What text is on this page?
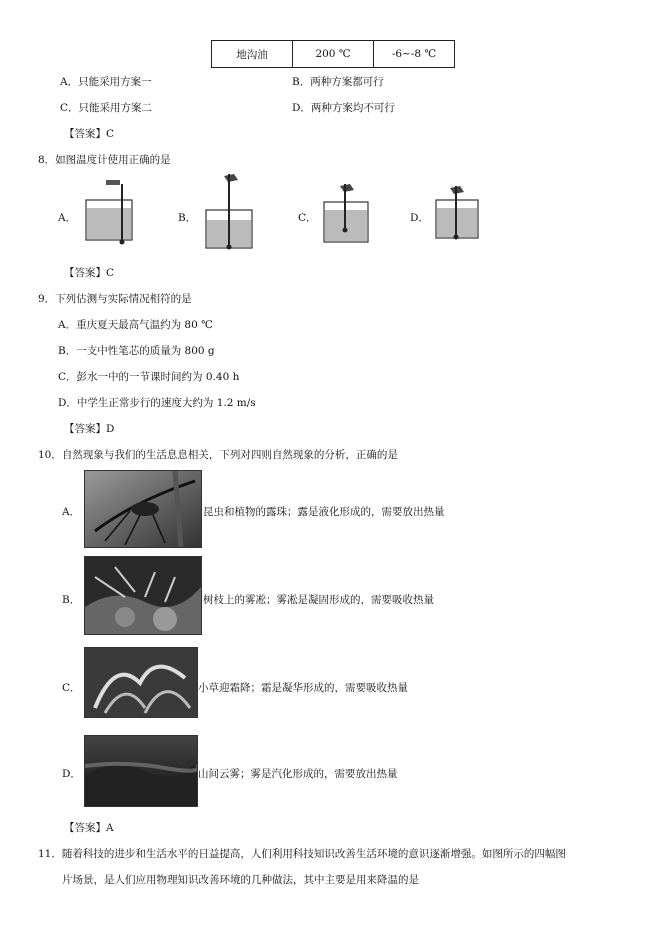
地沟油	200 ℃	-6~-8 ℃
A．只能采用方案一	B．两种方案都可行
C．只能采用方案二	D．两种方案均不可行
【答案】C
8．如图温度计使用正确的是
A．	B．	C．	D．
【答案】C
9．下列估测与实际情况相符的是
A．重庆夏天最高气温约为 80 ℃
B．一支中性笔芯的质量为 800 g
C．彭水一中的一节课时间约为 0.40 h
D．中学生正常步行的速度大约为 1.2 m/s
【答案】D
10．自然现象与我们的生活息息相关，下列对四则自然现象的分析，正确的是
A．	昆虫和植物的露珠；露是液化形成的，需要放出热量
B．	树枝上的雾凇；雾凇是凝固形成的，需要吸收热量
C．	小草迎霜降；霜是凝华形成的，需要吸收热量
D．	山间云雾；雾是汽化形成的，需要放出热量
【答案】A
11．随着科技的进步和生活水平的日益提高，人们利用科技知识改善生活环境的意识逐渐增强。如图所示的四幅图
片场景，是人们应用物理知识改善环境的几种做法，其中主要是用来降温的是
